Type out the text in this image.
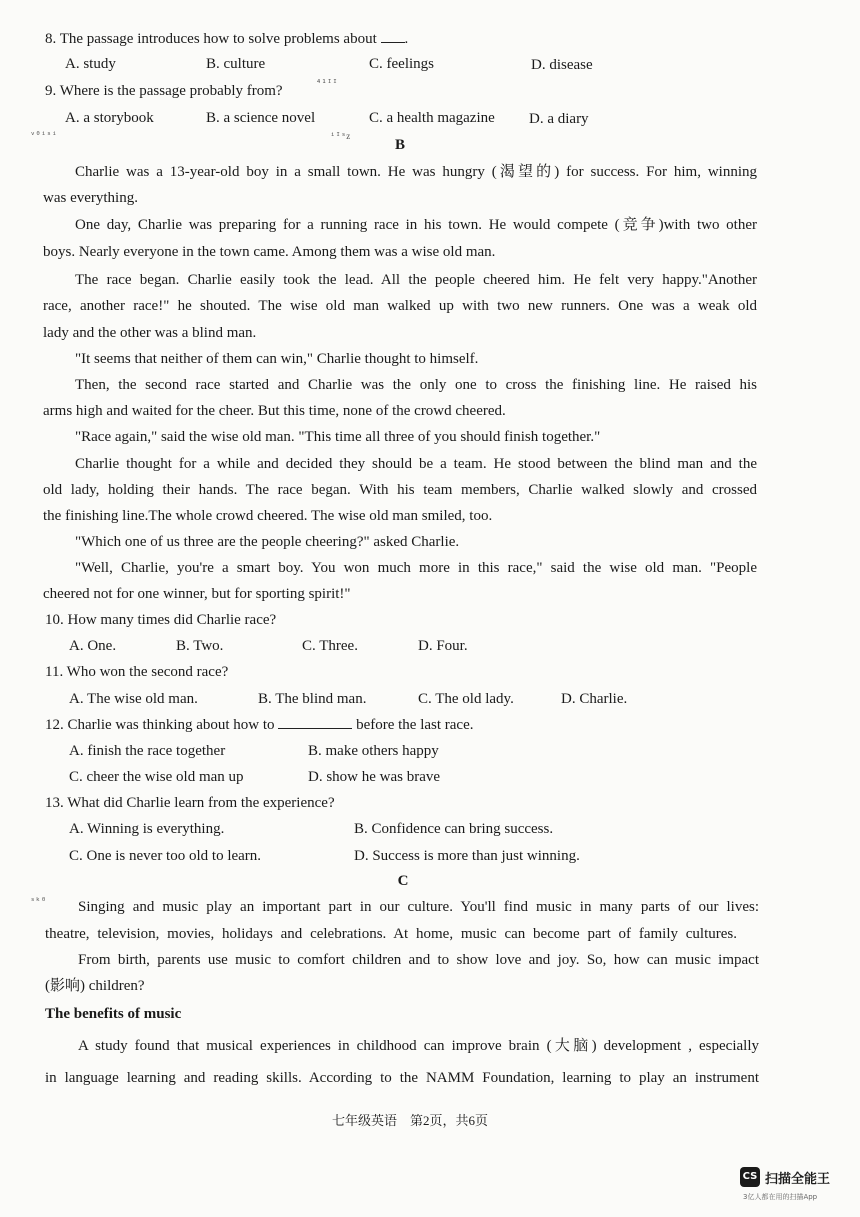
8. The passage introduces how to solve problems about .
A. study	B. culture	C. feelings	D. disease
9. Where is the passage probably from?	⁴¹ᴵᴵ
A. a storybook	B. a science novel	C. a health magazine D. a diary
ᵛ⁰ⁱˢⁱ	ⁱᴵˢᴢ	B
Charlie was a 13-year-old boy in a small town. He was hungry (渴望的) for success. For him, winning
was everything.
One day, Charlie was preparing for a running race in his town. He would compete (竞争)with two other
boys. Nearly everyone in the town came. Among them was a wise old man.
The race began. Charlie easily took the lead. All the people cheered him. He felt very happy."Another
race, another race!" he shouted. The wise old man walked up with two new runners. One was a weak old
lady and the other was a blind man.
"It seems that neither of them can win," Charlie thought to himself.
Then, the second race started and Charlie was the only one to cross the finishing line. He raised his
arms high and waited for the cheer. But this time, none of the crowd cheered.
"Race again," said the wise old man. "This time all three of you should finish together."
Charlie thought for a while and decided they should be a team. He stood between the blind man and the
old lady, holding their hands. The race began. With his team members, Charlie walked slowly and crossed
the finishing line.The whole crowd cheered. The wise old man smiled, too.
"Which one of us three are the people cheering?" asked Charlie.
"Well, Charlie, you're a smart boy. You won much more in this race," said the wise old man. "People
cheered not for one winner, but for sporting spirit!"
10. How many times did Charlie race?
A. One.	B. Two.	C. Three.	D. Four.
11. Who won the second race?
A. The wise old man.	B. The blind man.	C. The old lady.	D. Charlie.
12. Charlie was thinking about how to	before the last race.
A. finish the race together	B. make others happy
C. cheer the wise old man up	D. show he was brave
13. What did Charlie learn from the experience?
A. Winning is everything.	B. Confidence can bring success.
C. One is never too old to learn.	D. Success is more than just winning.
C
ˢᵏ⁰ Singing and music play an important part in our culture. You'll find music in many parts of our lives:
theatre, television, movies, holidays and celebrations. At home, music can become part of family cultures.
From birth, parents use music to comfort children and to show love and joy. So, how can music impact
(影响) children?
The benefits of music
A study found that musical experiences in childhood can improve brain (大脑) development , especially
in language learning and reading skills. According to the NAMM Foundation, learning to play an instrument
七年级英语　第2页，共6页
CS 扫描全能王
3亿人都在用的扫描App
